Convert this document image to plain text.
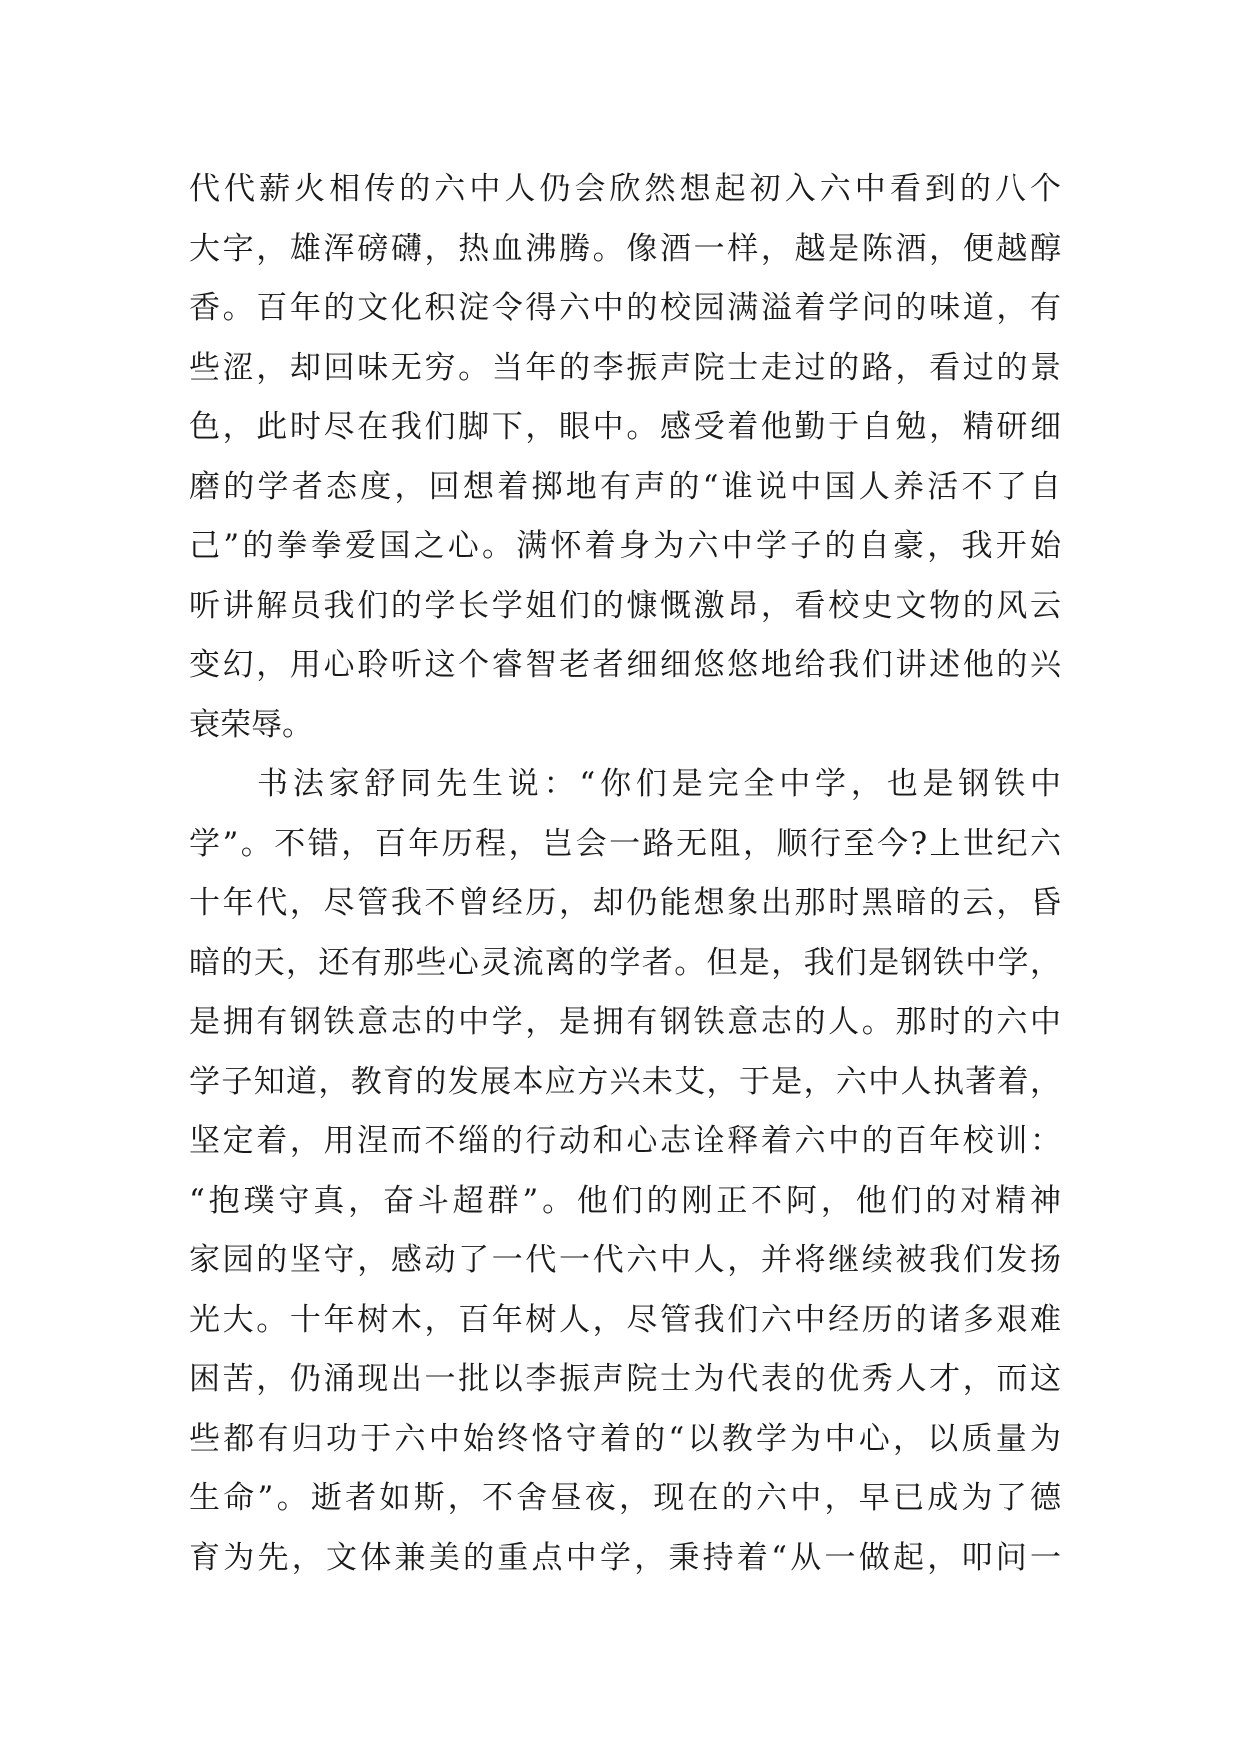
代代薪火相传的六中人仍会欣然想起初入六中看到的八个
大字，雄浑磅礴，热血沸腾。像酒一样，越是陈酒，便越醇
香。百年的文化积淀令得六中的校园满溢着学问的味道，有
些涩，却回味无穷。当年的李振声院士走过的路，看过的景
色，此时尽在我们脚下，眼中。感受着他勤于自勉，精研细
磨的学者态度，回想着掷地有声的“谁说中国人养活不了自
己”的拳拳爱国之心。满怀着身为六中学子的自豪，我开始
听讲解员我们的学长学姐们的慷慨激昂，看校史文物的风云
变幻，用心聆听这个睿智老者细细悠悠地给我们讲述他的兴
衰荣辱。
书法家舒同先生说：“你们是完全中学，也是钢铁中
学”。不错，百年历程，岂会一路无阻，顺行至今?上世纪六
十年代，尽管我不曾经历，却仍能想象出那时黑暗的云，昏
暗的天，还有那些心灵流离的学者。但是，我们是钢铁中学，
是拥有钢铁意志的中学，是拥有钢铁意志的人。那时的六中
学子知道，教育的发展本应方兴未艾，于是，六中人执著着，
坚定着，用涅而不缁的行动和心志诠释着六中的百年校训：
“抱璞守真，奋斗超群”。他们的刚正不阿，他们的对精神
家园的坚守，感动了一代一代六中人，并将继续被我们发扬
光大。十年树木，百年树人，尽管我们六中经历的诸多艰难
困苦，仍涌现出一批以李振声院士为代表的优秀人才，而这
些都有归功于六中始终恪守着的“以教学为中心，以质量为
生命”。逝者如斯，不舍昼夜，现在的六中，早已成为了德
育为先，文体兼美的重点中学，秉持着“从一做起，叩问一
